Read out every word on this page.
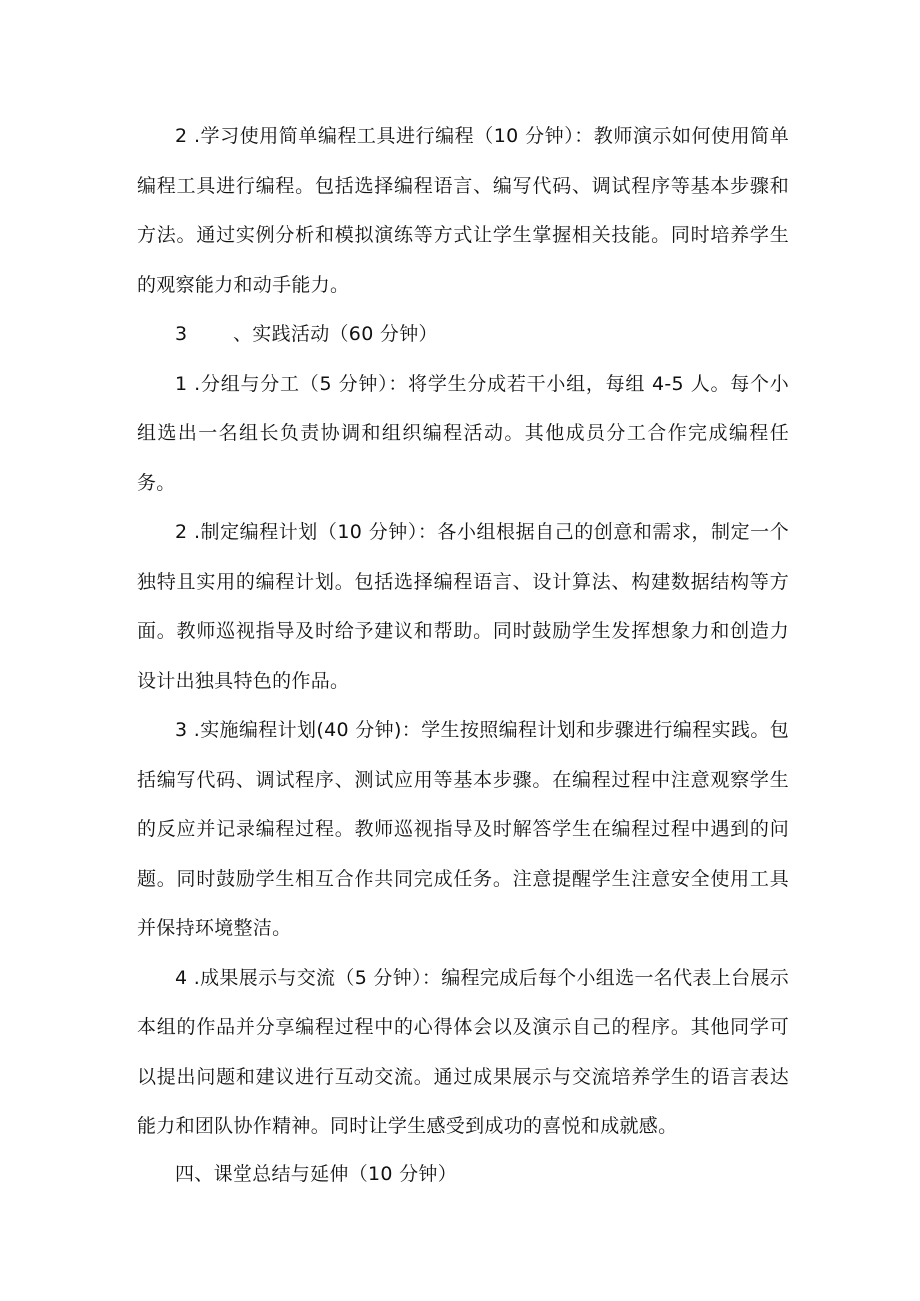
2 .学习使用简单编程工具进行编程（10 分钟）：教师演示如何使用简单编程工具进行编程。包括选择编程语言、编写代码、调试程序等基本步骤和方法。通过实例分析和模拟演练等方式让学生掌握相关技能。同时培养学生的观察能力和动手能力。

3 、实践活动（60 分钟）

1 .分组与分工（5 分钟）：将学生分成若干小组，每组 4-5 人。每个小组选出一名组长负责协调和组织编程活动。其他成员分工合作完成编程任务。

2 .制定编程计划（10 分钟）：各小组根据自己的创意和需求，制定一个独特且实用的编程计划。包括选择编程语言、设计算法、构建数据结构等方面。教师巡视指导及时给予建议和帮助。同时鼓励学生发挥想象力和创造力设计出独具特色的作品。

3 .实施编程计划(40 分钟)：学生按照编程计划和步骤进行编程实践。包括编写代码、调试程序、测试应用等基本步骤。在编程过程中注意观察学生的反应并记录编程过程。教师巡视指导及时解答学生在编程过程中遇到的问题。同时鼓励学生相互合作共同完成任务。注意提醒学生注意安全使用工具并保持环境整洁。

4 .成果展示与交流（5 分钟）：编程完成后每个小组选一名代表上台展示本组的作品并分享编程过程中的心得体会以及演示自己的程序。其他同学可以提出问题和建议进行互动交流。通过成果展示与交流培养学生的语言表达能力和团队协作精神。同时让学生感受到成功的喜悦和成就感。

四、课堂总结与延伸（10 分钟）
